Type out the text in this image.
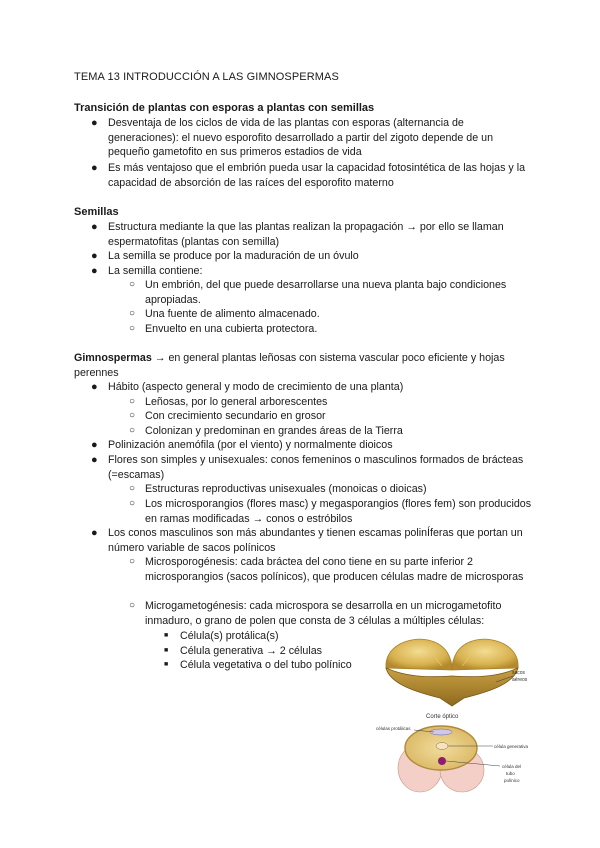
TEMA 13 INTRODUCCIÓN A LAS GIMNOSPERMAS
Transición de plantas con esporas a plantas con semillas
● Desventaja de los ciclos de vida de las plantas con esporas (alternancia de generaciones): el nuevo esporofito desarrollado a partir del zigoto depende de un pequeño gametofito en sus primeros estadios de vida
● Es más ventajoso que el embrión pueda usar la capacidad fotosintética de las hojas y la capacidad de absorción de las raíces del esporofito materno
Semillas
● Estructura mediante la que las plantas realizan la propagación → por ello se llaman espermatofitas (plantas con semilla)
● La semilla se produce por la maduración de un óvulo
● La semilla contiene:
○ Un embrión, del que puede desarrollarse una nueva planta bajo condiciones apropiadas.
○ Una fuente de alimento almacenado.
○ Envuelto en una cubierta protectora.
Gimnospermas → en general plantas leñosas con sistema vascular poco eficiente y hojas perennes
● Hábito (aspecto general y modo de crecimiento de una planta)
○ Leñosas, por lo general arborescentes
○ Con crecimiento secundario en grosor
○ Colonizan y predominan en grandes áreas de la Tierra
● Polinización anemófila (por el viento) y normalmente dioicos
● Flores son simples y unisexuales: conos femeninos o masculinos formados de brácteas (=escamas)
○ Estructuras reproductivas unisexuales (monoicas o dioicas)
○ Los microsporangios (flores masc) y megasporangios (flores fem) son producidos en ramas modificadas → conos o estróbilos
● Los conos masculinos son más abundantes y tienen escamas polinÍferas que portan un número variable de sacos polínicos
○ Microsporogénesis: cada bráctea del cono tiene en su parte inferior 2 microsporangios (sacos polínicos), que producen células madre de microsporas
○ Microgametogénesis: cada microspora se desarrolla en un microgametofito inmaduro, o grano de polen que consta de 3 células a múltiples células:
■ Célula(s) protálica(s)
■ Célula generativa → 2 células
■ Célula vegetativa o del tubo polínico
sacos
aéreos
Corte óptico
células protálicas
célula generativa
célula del
tubo
polínico
